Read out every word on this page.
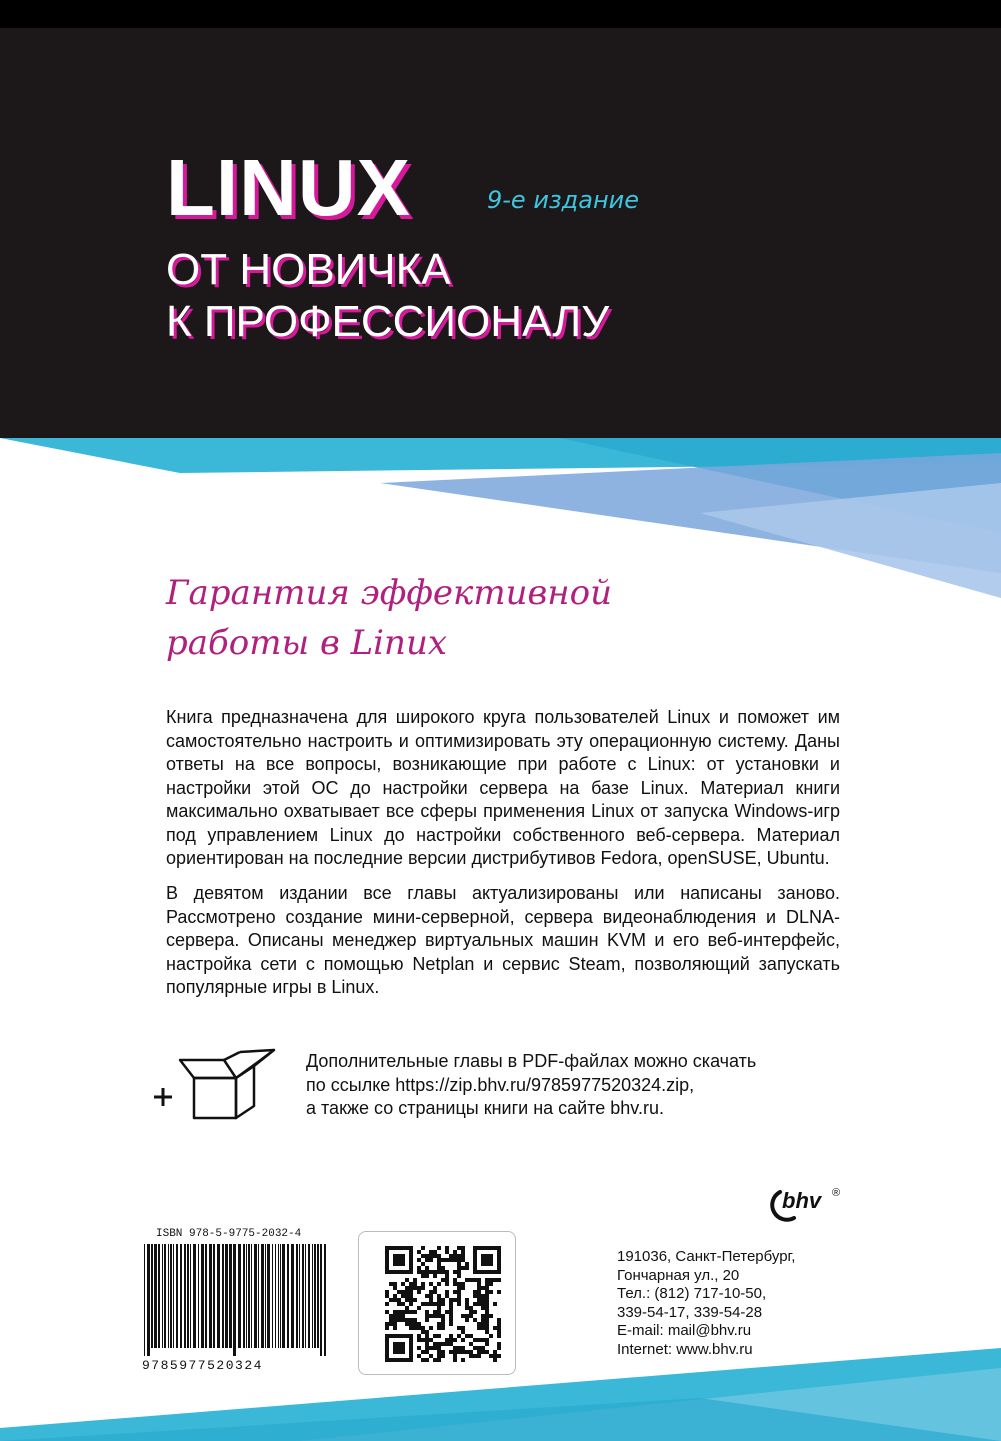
LINUX	9-е издание
ОТ НОВИЧКА
К ПРОФЕССИОНАЛУ

Гарантия эффективной

работы в Linux

Книга предназначена для широкого круга пользователей Linux и поможет им самостоятельно настроить и оптимизировать эту операционную систему. Даны ответы на все вопросы, возникающие при работе с Linux: от установки и настройки этой ОС до настройки сервера на базе Linux. Материал книги максимально охватывает все сферы применения Linux от запуска Windows-игр под управлением Linux до настройки собственного веб-сервера. Материал ориентирован на последние версии дистрибутивов Fedora, openSUSE, Ubuntu.

В девятом издании все главы актуализированы или написаны заново. Рассмотрено создание мини-серверной, сервера видеонаблюдения и DLNA-сервера. Описаны менеджер виртуальных машин KVM и его веб-интерфейс, настройка сети с помощью Netplan и сервис Steam, позволяющий запускать популярные игры в Linux.

Дополнительные главы в PDF-файлах можно скачать
по ссылке https://zip.bhv.ru/9785977520324.zip,
а также со страницы книги на сайте bhv.ru.
bhv ®

ISBN 978-5-9775-2032-4

9785977520324

191036, Санкт-Петербург,
Гончарная ул., 20
Тел.: (812) 717-10-50,
339-54-17, 339-54-28
E-mail: mail@bhv.ru
Internet: www.bhv.ru
